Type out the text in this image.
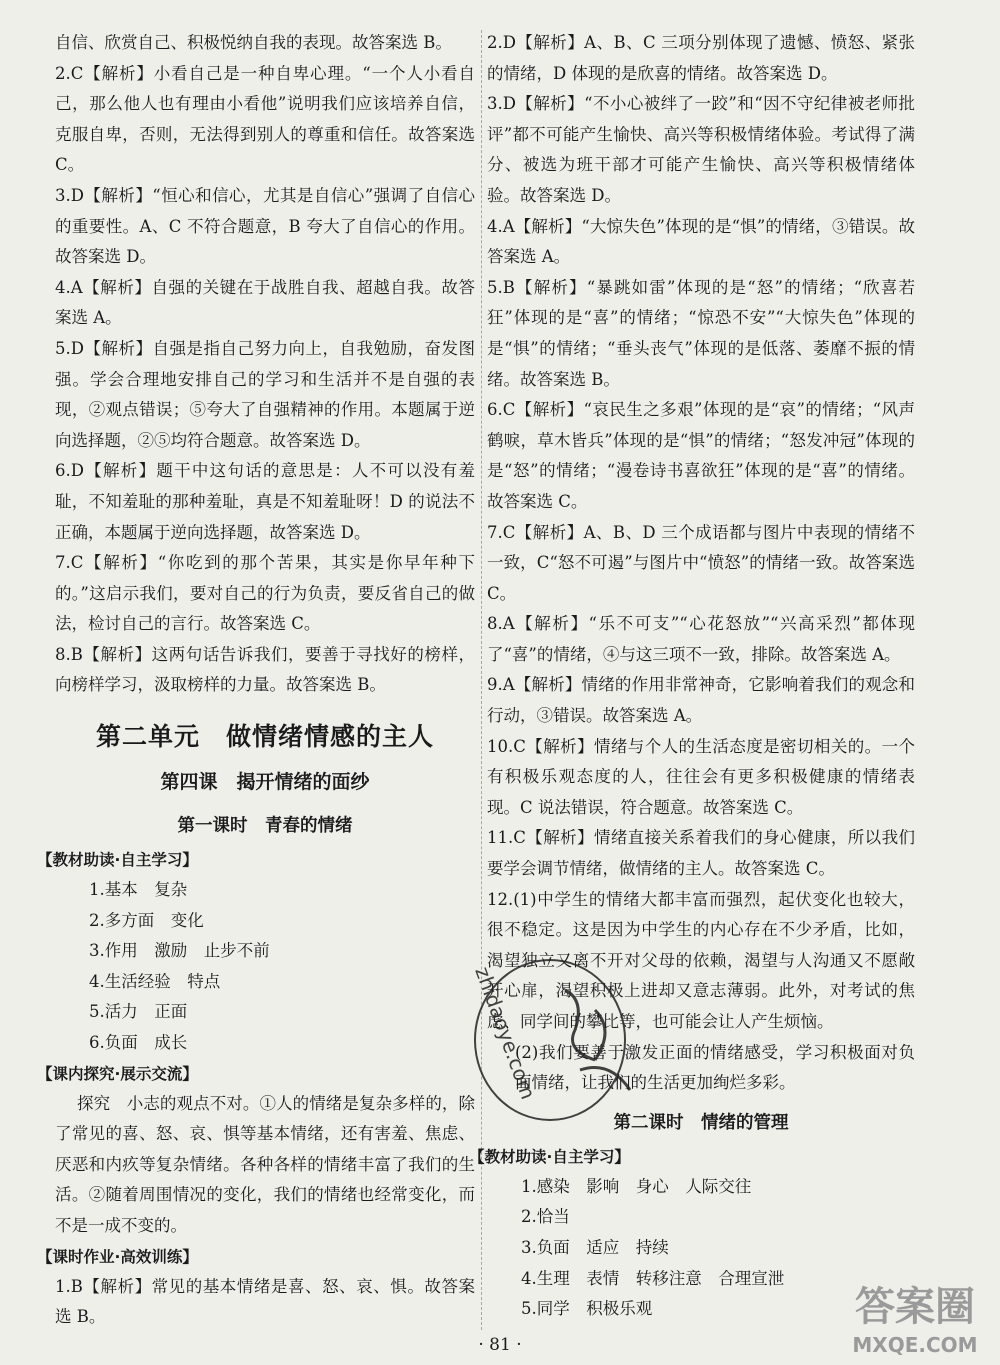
自信、欣赏自己、积极悦纳自我的表现。故答案选 B。

2.C【解析】小看自己是一种自卑心理。“一个人小看自己，那么他人也有理由小看他”说明我们应该培养自信，克服自卑，否则，无法得到别人的尊重和信任。故答案选 C。

3.D【解析】“恒心和信心，尤其是自信心”强调了自信心的重要性。A、C 不符合题意，B 夸大了自信心的作用。故答案选 D。

4.A【解析】自强的关键在于战胜自我、超越自我。故答案选 A。

5.D【解析】自强是指自己努力向上，自我勉励，奋发图强。学会合理地安排自己的学习和生活并不是自强的表现，②观点错误；⑤夸大了自强精神的作用。本题属于逆向选择题，②⑤均符合题意。故答案选 D。

6.D【解析】题干中这句话的意思是：人不可以没有羞耻，不知羞耻的那种羞耻，真是不知羞耻呀！D 的说法不正确，本题属于逆向选择题，故答案选 D。

7.C【解析】“你吃到的那个苦果，其实是你早年种下的。”这启示我们，要对自己的行为负责，要反省自己的做法，检讨自己的言行。故答案选 C。

8.B【解析】这两句话告诉我们，要善于寻找好的榜样，向榜样学习，汲取榜样的力量。故答案选 B。

第二单元　做情绪情感的主人
第四课　揭开情绪的面纱
第一课时　青春的情绪
【教材助读·自主学习】
1.基本　复杂
2.多方面　变化
3.作用　激励　止步不前
4.生活经验　特点
5.活力　正面
6.负面　成长
【课内探究·展示交流】

探究　小志的观点不对。①人的情绪是复杂多样的，除了常见的喜、怒、哀、惧等基本情绪，还有害羞、焦虑、厌恶和内疚等复杂情绪。各种各样的情绪丰富了我们的生活。②随着周围情况的变化，我们的情绪也经常变化，而不是一成不变的。

【课时作业·高效训练】

1.B【解析】常见的基本情绪是喜、怒、哀、惧。故答案选 B。

2.D【解析】A、B、C 三项分别体现了遗憾、愤怒、紧张的情绪，D 体现的是欣喜的情绪。故答案选 D。

3.D【解析】“不小心被绊了一跤”和“因不守纪律被老师批评”都不可能产生愉快、高兴等积极情绪体验。考试得了满分、被选为班干部才可能产生愉快、高兴等积极情绪体验。故答案选 D。

4.A【解析】“大惊失色”体现的是“惧”的情绪，③错误。故答案选 A。

5.B【解析】“暴跳如雷”体现的是“怒”的情绪；“欣喜若狂”体现的是“喜”的情绪；“惊恐不安”“大惊失色”体现的是“惧”的情绪；“垂头丧气”体现的是低落、萎靡不振的情绪。故答案选 B。

6.C【解析】“哀民生之多艰”体现的是“哀”的情绪；“风声鹤唳，草木皆兵”体现的是“惧”的情绪；“怒发冲冠”体现的是“怒”的情绪；“漫卷诗书喜欲狂”体现的是“喜”的情绪。故答案选 C。

7.C【解析】A、B、D 三个成语都与图片中表现的情绪不一致，C“怒不可遏”与图片中“愤怒”的情绪一致。故答案选 C。

8.A【解析】“乐不可支”“心花怒放”“兴高采烈”都体现了“喜”的情绪，④与这三项不一致，排除。故答案选 A。

9.A【解析】情绪的作用非常神奇，它影响着我们的观念和行动，③错误。故答案选 A。

10.C【解析】情绪与个人的生活态度是密切相关的。一个有积极乐观态度的人，往往会有更多积极健康的情绪表现。C 说法错误，符合题意。故答案选 C。

11.C【解析】情绪直接关系着我们的身心健康，所以我们要学会调节情绪，做情绪的主人。故答案选 C。

12.(1)中学生的情绪大都丰富而强烈，起伏变化也较大，很不稳定。这是因为中学生的内心存在不少矛盾，比如，渴望独立又离不开对父母的依赖，渴望与人沟通又不愿敞开心扉，渴望积极上进却又意志薄弱。此外，对考试的焦虑、同学间的攀比等，也可能会让人产生烦恼。

(2)我们要善于激发正面的情绪感受，学习积极面对负面情绪，让我们的生活更加绚烂多彩。

第二课时　情绪的管理
【教材助读·自主学习】
1.感染　影响　身心　人际交往
2.恰当
3.负面　适应　持续
4.生理　表情　转移注意　合理宣泄
5.同学　积极乐观
zhidaoye.com
答案圈
MXQE.COM
· 81 ·
